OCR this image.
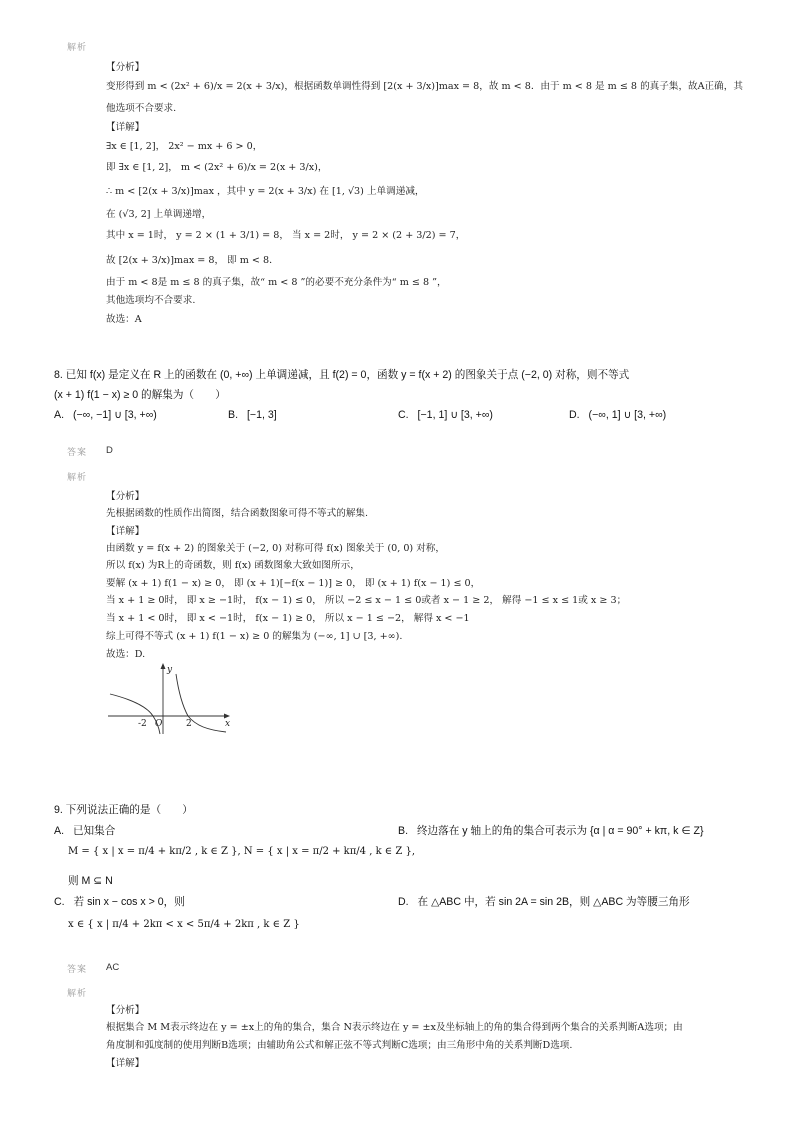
解析
【分析】
变形得到 m < (2x² + 6)/x = 2(x + 3/x)，根据函数单调性得到 [2(x + 3/x)]max = 8，故 m < 8．由于 m < 8 是 m ≤ 8 的真子集，故A正确，其
他选项不合要求.
【详解】
∃x ∈ [1, 2]， 2x² − mx + 6 > 0，
即 ∃x ∈ [1, 2]， m < (2x² + 6)/x = 2(x + 3/x)，
∴ m < [2(x + 3/x)]max ，其中 y = 2(x + 3/x) 在 [1, √3) 上单调递减，
在 (√3, 2] 上单调递增，
其中 x = 1时， y = 2 × (1 + 3/1) = 8， 当 x = 2时， y = 2 × (2 + 3/2) = 7，
故 [2(x + 3/x)]max = 8， 即 m < 8．
由于 m < 8是 m ≤ 8 的真子集，故“ m < 8 ”的必要不充分条件为“ m ≤ 8 ”，
其他选项均不合要求.
故选：A
8. 已知 f(x) 是定义在 R 上的函数在 (0, +∞) 上单调递减，且 f(2) = 0，函数 y = f(x + 2) 的图象关于点 (−2, 0) 对称，则不等式
(x + 1) f(1 − x) ≥ 0 的解集为（　　）
A. (−∞, −1] ∪ [3, +∞)	B. [−1, 3]	C. [−1, 1] ∪ [3, +∞)	D. (−∞, 1] ∪ [3, +∞)
答案 D
解析
【分析】
先根据函数的性质作出简图，结合函数图象可得不等式的解集.
【详解】
由函数 y = f(x + 2) 的图象关于 (−2, 0) 对称可得 f(x) 图象关于 (0, 0) 对称，
所以 f(x) 为R上的奇函数，则 f(x) 函数图象大致如图所示，
要解 (x + 1) f(1 − x) ≥ 0， 即 (x + 1)[−f(x − 1)] ≥ 0， 即 (x + 1) f(x − 1) ≤ 0，
当 x + 1 ≥ 0时， 即 x ≥ −1时， f(x − 1) ≤ 0， 所以 −2 ≤ x − 1 ≤ 0或者 x − 1 ≥ 2， 解得 −1 ≤ x ≤ 1或 x ≥ 3；
当 x + 1 < 0时， 即 x < −1时， f(x − 1) ≥ 0， 所以 x − 1 ≤ −2， 解得 x < −1
综上可得不等式 (x + 1) f(1 − x) ≥ 0 的解集为 (−∞, 1] ∪ [3, +∞).
故选：D.
-2 O	2
y
x
9. 下列说法正确的是（　　）
A. 已知集合
M = { x | x = π/4 + kπ/2 , k ∈ Z }, N = { x | x = π/2 + kπ/4 , k ∈ Z },
则 M ⊆ N
B. 终边落在 y 轴上的角的集合可表示为 {α | α = 90° + kπ, k ∈ Z}
C. 若 sin x − cos x > 0，则
x ∈ { x | π/4 + 2kπ < x < 5π/4 + 2kπ , k ∈ Z }
D. 在 △ABC 中，若 sin 2A = sin 2B，则 △ABC 为等腰三角形
答案 AC
解析
【分析】
根据集合 M M表示终边在 y = ±x上的角的集合，集合 N表示终边在 y = ±x及坐标轴上的角的集合得到两个集合的关系判断A选项；由
角度制和弧度制的使用判断B选项；由辅助角公式和解正弦不等式判断C选项；由三角形中角的关系判断D选项.
【详解】
